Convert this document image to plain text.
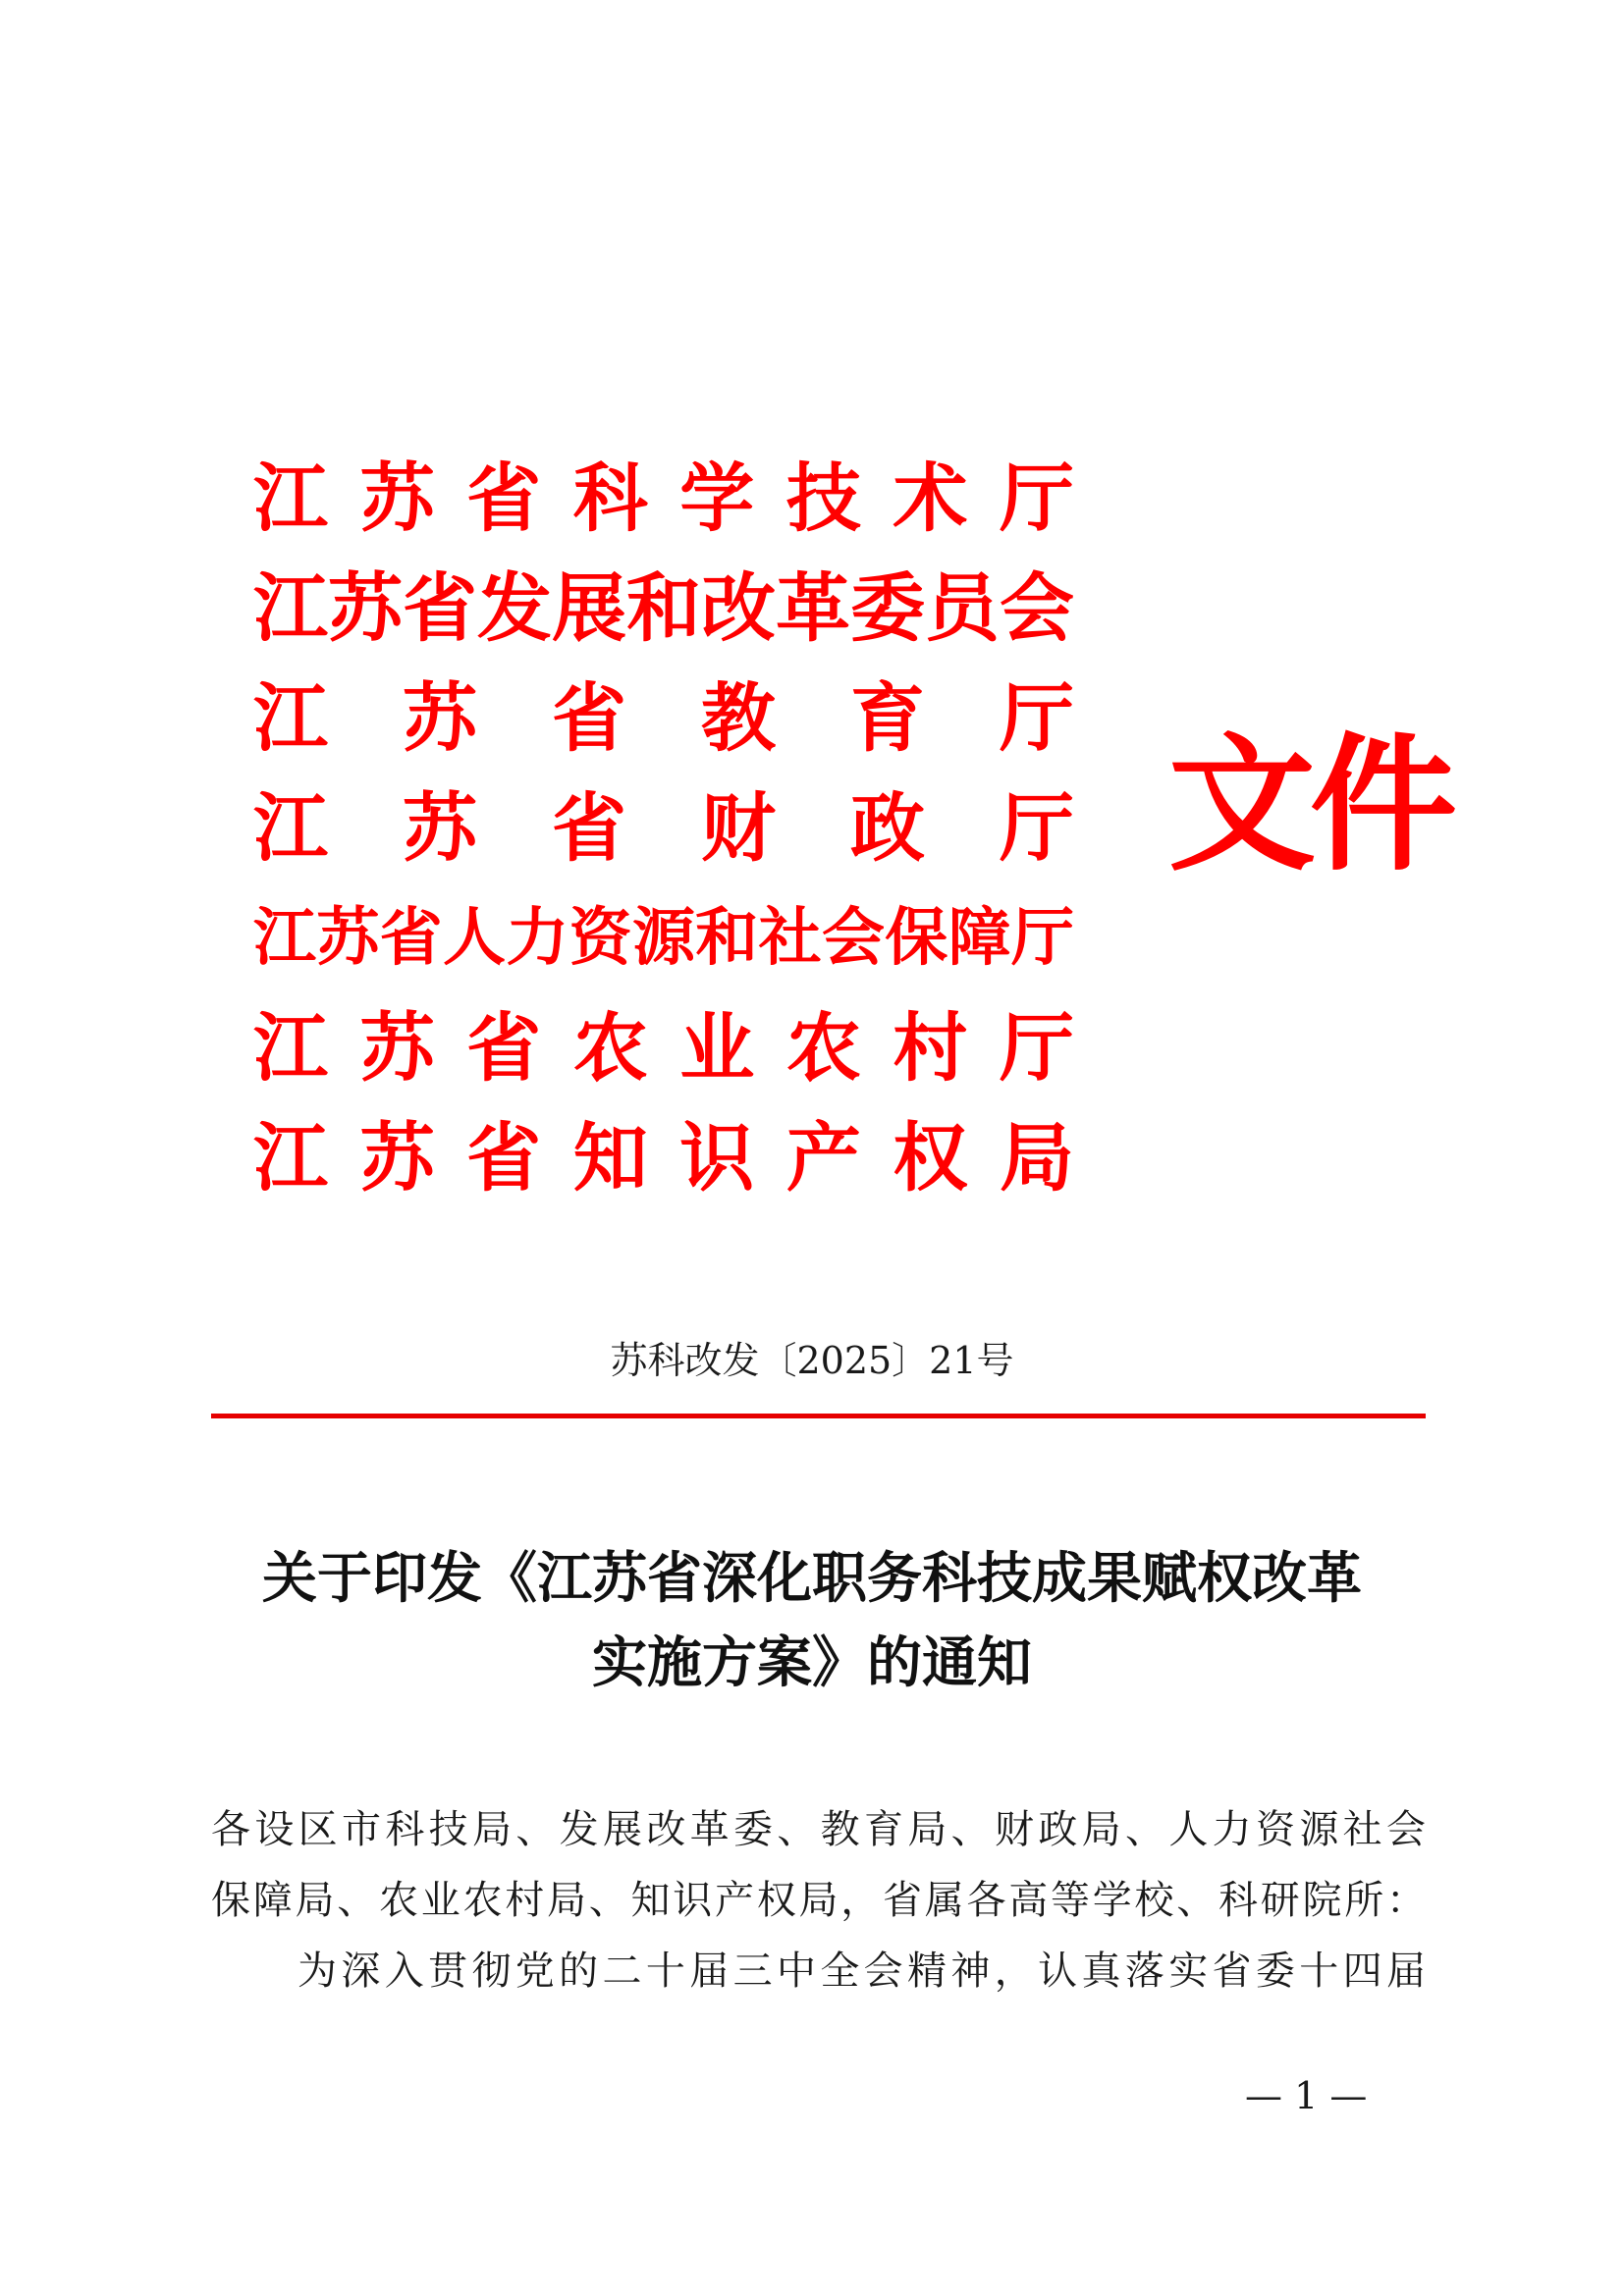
江 苏 省 科 学 技 术 厅
江 苏 省 发 展 和 改 革 委 员 会
江 苏 省 教 育 厅
江 苏 省 财 政 厅
江 苏 省 人 力 资 源 和 社 会 保 障 厅
江 苏 省 农 业 农 村 厅
江 苏 省 知 识 产 权 局
文件
苏科改发〔2025〕21号
关于印发《江苏省深化职务科技成果赋权改革
实施方案》的通知

各设区市科技局、发展改革委、教育局、财政局、人力资源社会

保障局、农业农村局、知识产权局，省属各高等学校、科研院所：

为深入贯彻党的二十届三中全会精神，认真落实省委十四届

— 1 —
